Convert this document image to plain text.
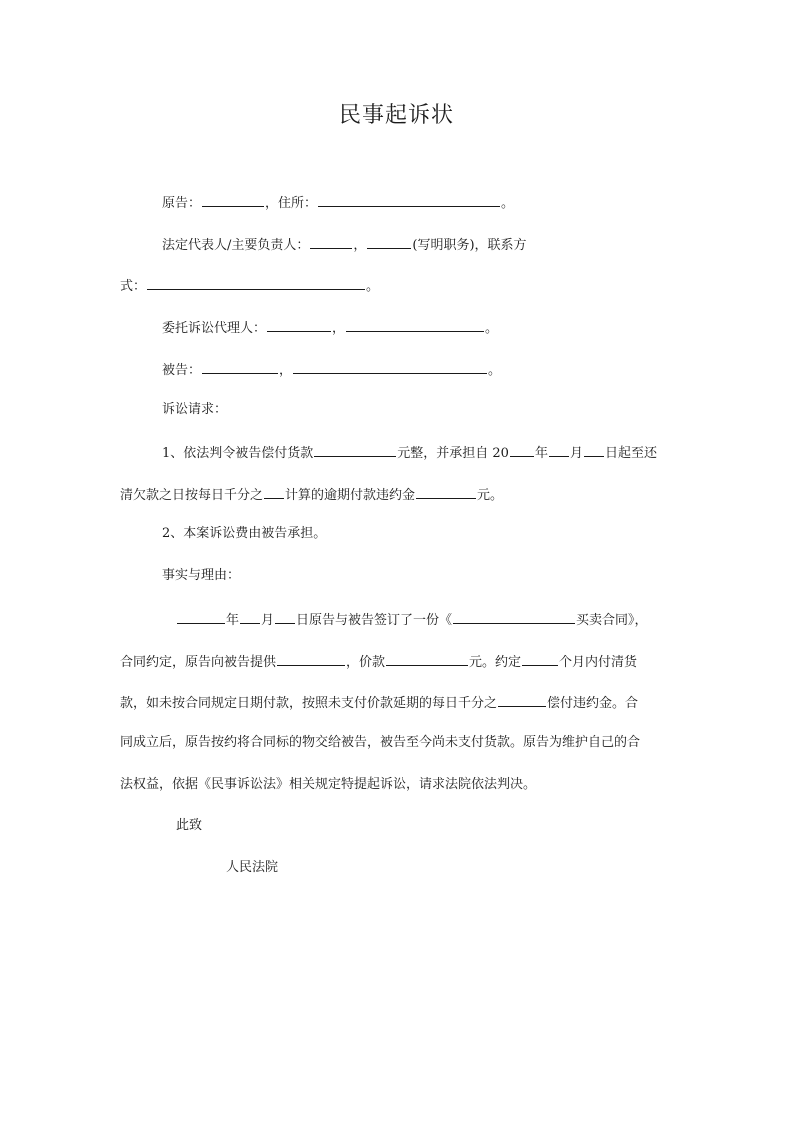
民事起诉状
原告：	，住所：	。
法定代表人/主要负责人：	，	(写明职务)，联系方
式：	。
委托诉讼代理人：	，	。
被告：	，	。
诉讼请求：
1、依法判令被告偿付货款	元整，并承担自 20 年 月 日起至还
清欠款之日按每日千分之 计算的逾期付款违约金	元。
2、本案诉讼费由被告承担。
事实与理由：
年 月 日原告与被告签订了一份《	买卖合同》，
合同约定，原告向被告提供	，价款	元。约定	个月内付清货
款，如未按合同规定日期付款，按照未支付价款延期的每日千分之	偿付违约金。合
同成立后，原告按约将合同标的物交给被告，被告至今尚未支付货款。原告为维护自己的合
法权益，依据《民事诉讼法》相关规定特提起诉讼，请求法院依法判决。
此致
人民法院
